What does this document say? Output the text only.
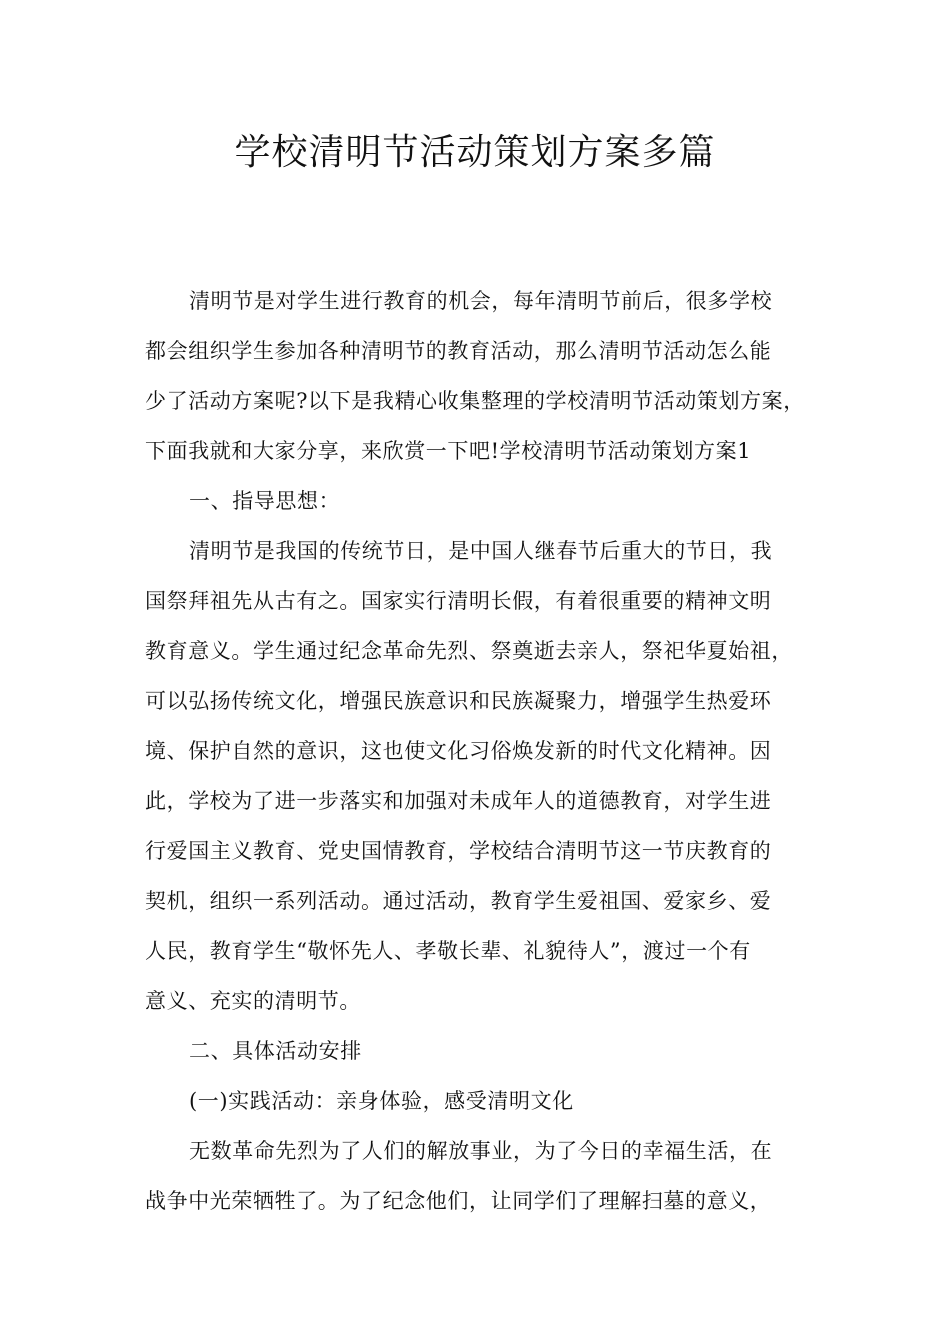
学校清明节活动策划方案多篇
清明节是对学生进行教育的机会，每年清明节前后，很多学校
都会组织学生参加各种清明节的教育活动，那么清明节活动怎么能
少了活动方案呢?以下是我精心收集整理的学校清明节活动策划方案，
下面我就和大家分享，来欣赏一下吧!学校清明节活动策划方案1
一、指导思想：
清明节是我国的传统节日，是中国人继春节后重大的节日，我
国祭拜祖先从古有之。国家实行清明长假，有着很重要的精神文明
教育意义。学生通过纪念革命先烈、祭奠逝去亲人，祭祀华夏始祖，
可以弘扬传统文化，增强民族意识和民族凝聚力，增强学生热爱环
境、保护自然的意识，这也使文化习俗焕发新的时代文化精神。因
此，学校为了进一步落实和加强对未成年人的道德教育，对学生进
行爱国主义教育、党史国情教育，学校结合清明节这一节庆教育的
契机，组织一系列活动。通过活动，教育学生爱祖国、爱家乡、爱
人民，教育学生“敬怀先人、孝敬长辈、礼貌待人”，渡过一个有
意义、充实的清明节。
二、具体活动安排
(一)实践活动：亲身体验，感受清明文化
无数革命先烈为了人们的解放事业，为了今日的幸福生活，在
战争中光荣牺牲了。为了纪念他们，让同学们了理解扫墓的意义，
